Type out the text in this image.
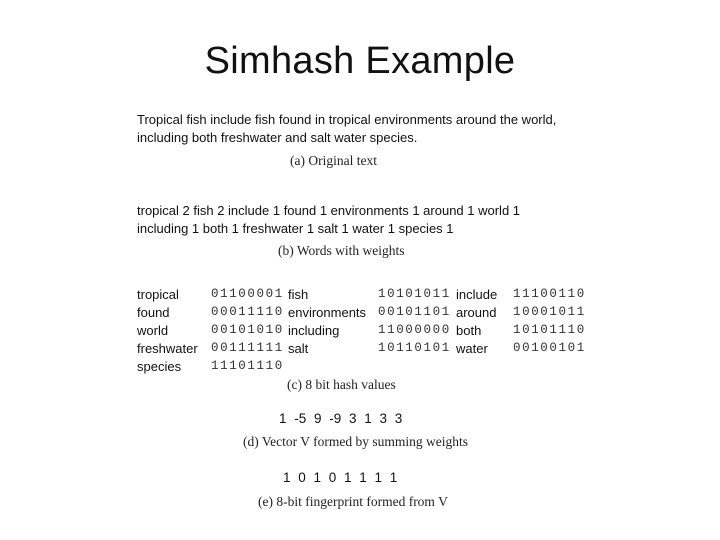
Simhash Example
Tropical fish include fish found in tropical environments around the world,
including both freshwater and salt water species.
(a) Original text
tropical 2 fish 2 include 1 found 1 environments 1 around 1 world 1
including 1 both 1 freshwater 1 salt 1 water 1 species 1
(b) Words with weights
tropical	01100001
found	00011110
world	00101010
freshwater 00111111
species 11101110
fish	10101011
environments 00101101
including	11000000
salt	10110101
include 11100110
around 10001011
both	10101110
water 00100101
(c) 8 bit hash values
1 -5 9 -9 3 1 3 3
(d) Vector V formed by summing weights
1 0 1 0 1 1 1 1
(e) 8-bit fingerprint formed from V
